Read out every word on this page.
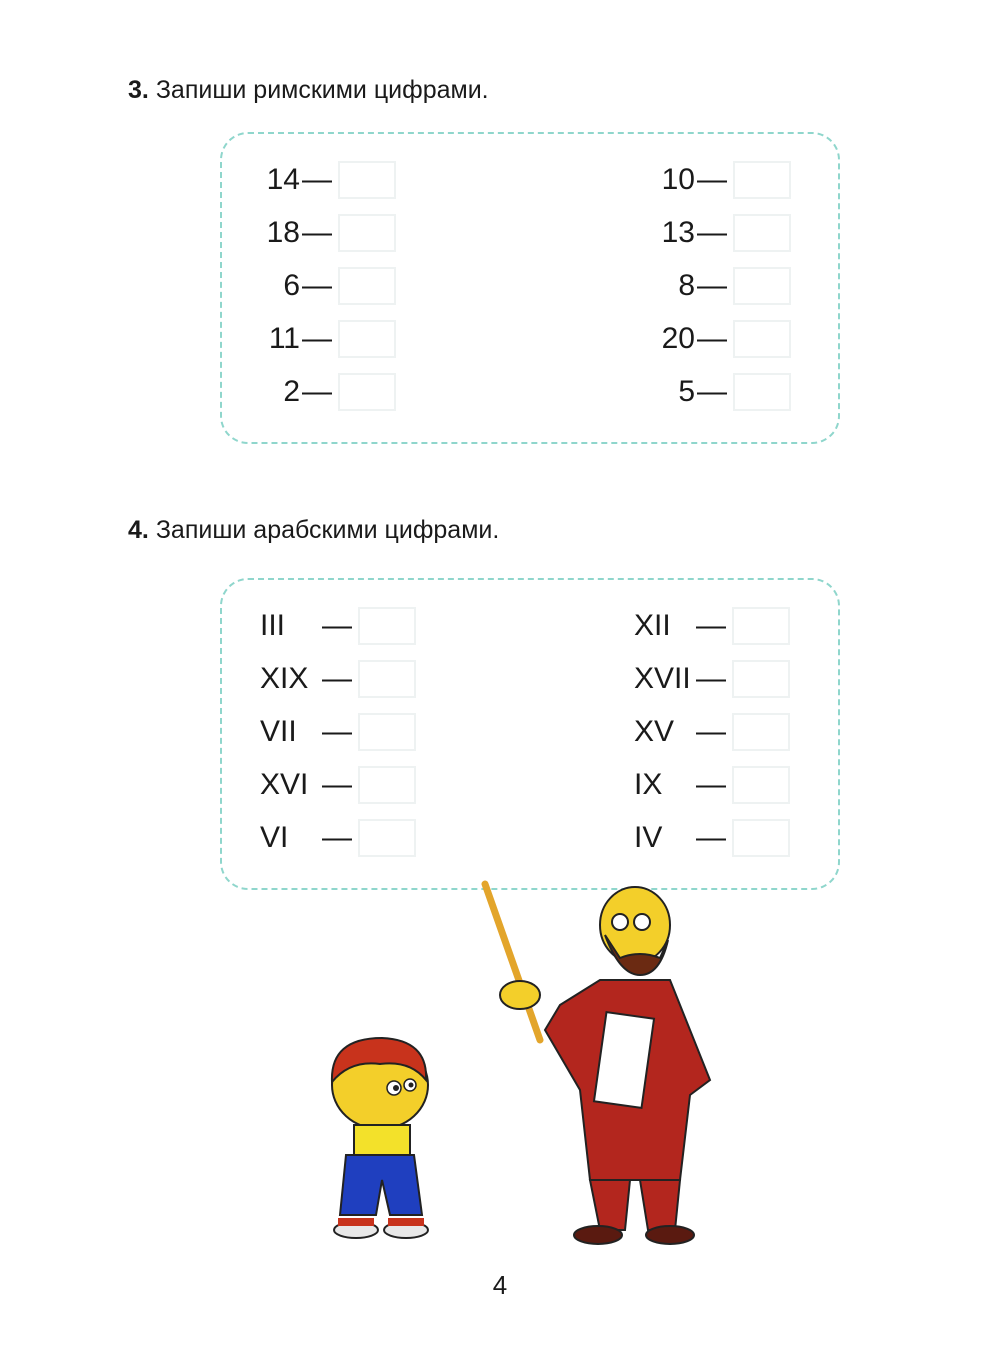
3. Запиши римскими цифрами.
14 —
18 —
6 —
11 —
2 —
10 —
13 —
8 —
20 —
5 —
4. Запиши арабскими цифрами.
III	—
XIX —
VII —
XVI —
VI	—
XII —
XVII —
XV —
IX	—
IV	—
4
